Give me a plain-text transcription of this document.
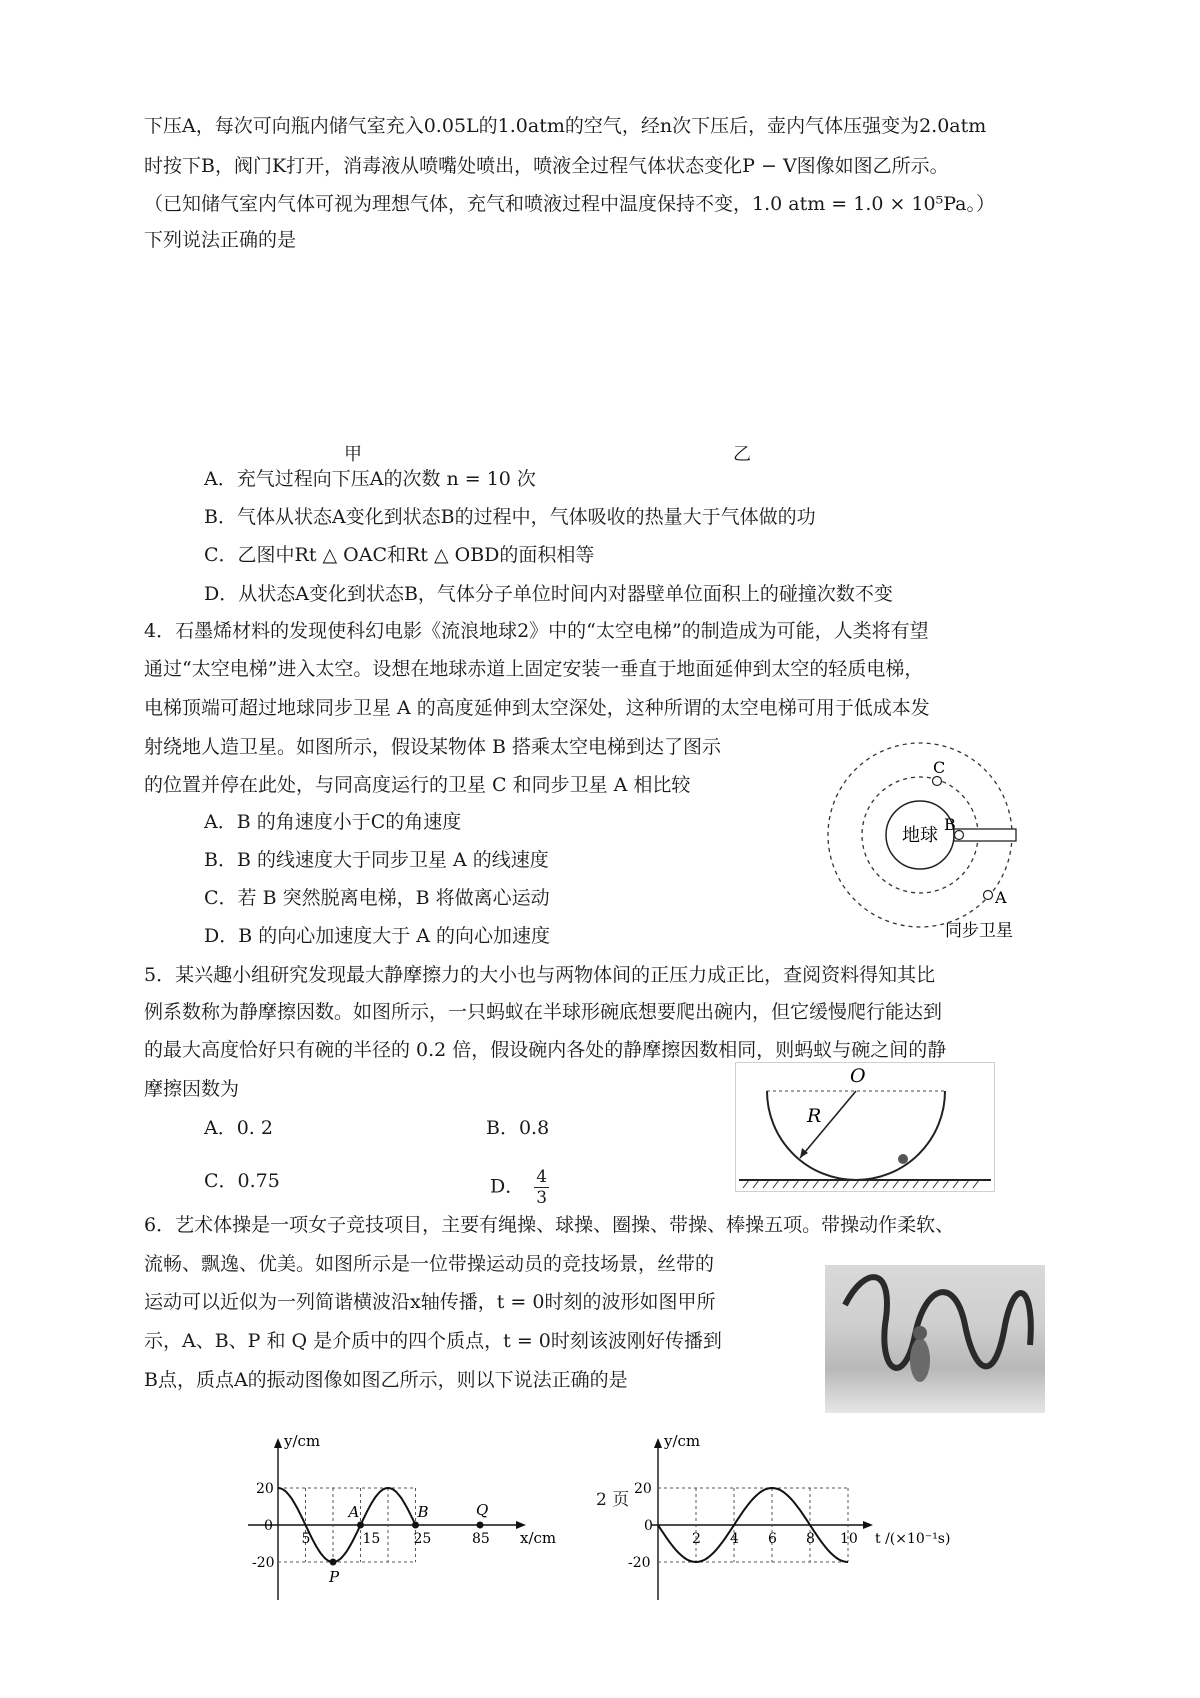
下压A，每次可向瓶内储气室充入0.05L的1.0atm的空气，经n次下压后，壶内气体压强变为2.0atm
时按下B，阀门K打开，消毒液从喷嘴处喷出，喷液全过程气体状态变化P − V图像如图乙所示。
（已知储气室内气体可视为理想气体，充气和喷液过程中温度保持不变，1.0 atm = 1.0 × 10⁵Pa。）
下列说法正确的是
甲	乙
A．充气过程向下压A的次数 n = 10 次
B．气体从状态A变化到状态B的过程中，气体吸收的热量大于气体做的功
C．乙图中Rt △ OAC和Rt △ OBD的面积相等
D．从状态A变化到状态B，气体分子单位时间内对器壁单位面积上的碰撞次数不变
4．石墨烯材料的发现使科幻电影《流浪地球2》中的“太空电梯”的制造成为可能，人类将有望
通过“太空电梯”进入太空。设想在地球赤道上固定安装一垂直于地面延伸到太空的轻质电梯，
电梯顶端可超过地球同步卫星 A 的高度延伸到太空深处，这种所谓的太空电梯可用于低成本发
射绕地人造卫星。如图所示，假设某物体 B 搭乘太空电梯到达了图示
的位置并停在此处，与同高度运行的卫星 C 和同步卫星 A 相比较
A．B 的角速度小于C的角速度
B．B 的线速度大于同步卫星 A 的线速度
C．若 B 突然脱离电梯，B 将做离心运动
D．B 的向心加速度大于 A 的向心加速度
地球
C
B
A
同步卫星
5．某兴趣小组研究发现最大静摩擦力的大小也与两物体间的正压力成正比，查阅资料得知其比
例系数称为静摩擦因数。如图所示，一只蚂蚁在半球形碗底想要爬出碗内，但它缓慢爬行能达到
的最大高度恰好只有碗的半径的 0.2 倍，假设碗内各处的静摩擦因数相同，则蚂蚁与碗之间的静
摩擦因数为
A．0. 2	B．0.8
C．0.75	D． $\frac{4}{3}$
O
R
6．艺术体操是一项女子竞技项目，主要有绳操、球操、圈操、带操、棒操五项。带操动作柔软、
流畅、飘逸、优美。如图所示是一位带操运动员的竞技场景，丝带的
运动可以近似为一列简谐横波沿x轴传播，t = 0时刻的波形如图甲所
示，A、B、P 和 Q 是介质中的四个质点，t = 0时刻该波刚好传播到
B点，质点A的振动图像如图乙所示，则以下说法正确的是
y/cm
x/cm
20
0
-20
5	15 25	85
A	B
P
Q
y/cm
t /(×10⁻¹s)
20
0
-20
2 4 6 8 10
2 页
